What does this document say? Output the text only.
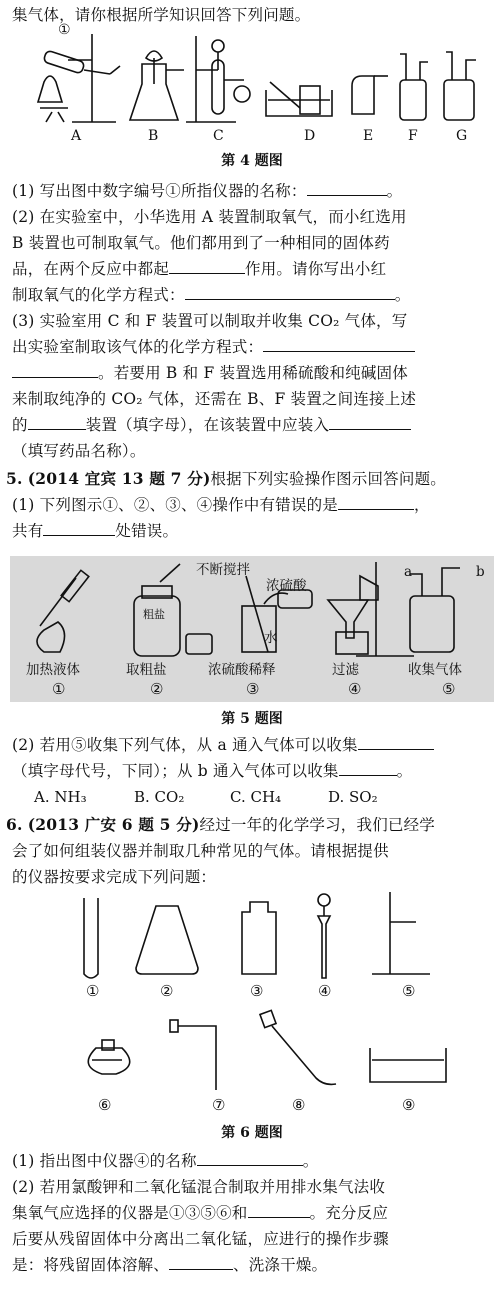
集气体，请你根据所学知识回答下列问题。
①
A	B	C	D	E F	G
第 4 题图
(1) 写出图中数字编号①所指仪器的名称：	。
(2) 在实验室中，小华选用 A 装置制取氧气，而小红选用
B 装置也可制取氧气。他们都用到了一种相同的固体药
品，在两个反应中都起	作用。请你写出小红
制取氧气的化学方程式：	。
(3) 实验室用 C 和 F 装置可以制取并收集 CO₂ 气体，写
出实验室制取该气体的化学方程式：
。若要用 B 和 F 装置选用稀硫酸和纯碱固体
来制取纯净的 CO₂ 气体，还需在 B、F 装置之间连接上述
的	装置（填字母），在该装置中应装入
（填写药品名称）。
5. (2014 宜宾 13 题 7 分)根据下列实验操作图示回答问题。
(1) 下列图示①、②、③、④操作中有错误的是	，
共有	处错误。
不断搅拌
浓硫酸
水
粗盐
a	b
加热液体	取粗盐	浓硫酸稀释	过滤	收集气体
①	②	③	④	⑤
第 5 题图
(2) 若用⑤收集下列气体，从 a 通入气体可以收集
（填字母代号，下同）；从 b 通入气体可以收集	。
A. NH₃	B. CO₂	C. CH₄	D. SO₂
6. (2013 广安 6 题 5 分)经过一年的化学学习，我们已经学
会了如何组装仪器并制取几种常见的气体。请根据提供
的仪器按要求完成下列问题：
①	②	③	④	⑤
⑥	⑦	⑧	⑨
第 6 题图
(1) 指出图中仪器④的名称	。
(2) 若用氯酸钾和二氧化锰混合制取并用排水集气法收
集氧气应选择的仪器是①③⑤⑥和	。充分反应
后要从残留固体中分离出二氧化锰，应进行的操作步骤
是：将残留固体溶解、	、洗涤干燥。
